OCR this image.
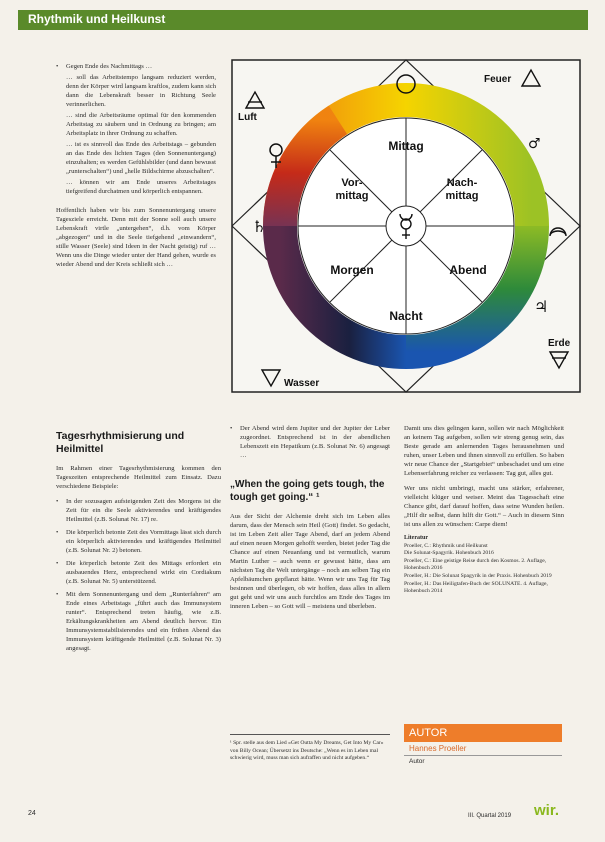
Rhythmik und Heilkunst
• Gegen Ende des Nachmittags …
… soll das Arbeitstempo langsam reduziert werden, denn der Körper wird langsam kraftlos, zudem kann sich dann die Lebenskraft besser in Richtung Seele verinnerlichen.
… sind die Arbeitsräume optimal für den kommenden Arbeitstag zu säubern und in Ordnung zu bringen; am Arbeitsplatz in ihrer Ordnung zu schaffen.
… ist es sinnvoll das Ende des Arbeitstags – gebunden an das Ende des lichten Tages (den Sonnenuntergang) einzuhalten; es werden Gefühlsbilder (und dann bewusst „runterschalten“) und „helle Bildschirme abzuschalten“.
… können wir am Ende unseres Arbeitstages tiefgreifend durchatmen und körperlich entspannen.

Hoffentlich haben wir bis zum Sonnenuntergang unsere Tagesziele erreicht. Denn mit der Sonne soll auch unsere Lebenskraft virtle „untergehen“, d.h. vom Körper „abgezogen“ und in die Seele tiefgehend „einwandern“, stille Wasser (Seele) sind Ideen in der Nacht geistig) ruf … Wenn uns die Dinge wieder unter der Hand gehen, wurde es wieder Abend und der Kreis schließt sich …

Tagesrhythmisierung und Heilmittel

Im Rahmen einer Tagesrhythmisierung kommen den Tageszeiten entsprechende Heilmittel zum Einsatz. Dazu verschiedene Beispiele:

• In der sozusagen aufsteigenden Zeit des Morgens ist die Zeit für ein die Seele aktivierendes und kräftigendes Heilmittel (z.B. Solunat Nr. 17) re.
• Die körperlich betonte Zeit des Vormittags lässt sich durch ein körperlich aktivierendes und kräftigendes Heilmittel (z.B. Solunat Nr. 2) betonen.
• Die körperlich betonte Zeit des Mittags erfordert ein ausbauendes Herz, entsprechend wirkt ein Cordiakum (z.B. Solunat Nr. 5) unterstützend.
• Mit dem Sonnenuntergang und dem „Runterfahren“ am Ende eines Arbeitstags „führt auch das Immunsystem runter“. Entsprechend treten häufig, wie z.B. Erkältungskrankheiten am Abend deutlich hervor. Ein Immunsystemstabilisierendes und ein frühen Abend das Immunsystem kräftigende Heilmittel (z.B. Solunat Nr. 3) angesagt.
♄
♃
♂
Luft
Feuer
Erde
Wasser
Mittag
Vor-mittag
Nach-mittag
Morgen	Abend
Nacht
• Der Abend wird dem Jupiter und der Jupiter der Leber zugeordnet. Entsprechend ist in der abendlichen Lebenszeit ein Hepatikum (z.B. Solunat Nr. 6) angesagt …
„When the going gets tough, the tough get going.“ ¹

Aus der Sicht der Alchemie dreht sich im Leben alles darum, dass der Mensch sein Heil (Gott) findet. So gedacht, ist im Leben Zeit aller Tage Abend, darf an jedem Abend auf einen neuen Morgen gehofft werden, bietet jeder Tag die Chance auf einen Neuanfang und ist vermutlich, warum Martin Luther – auch wenn er gewusst hätte, dass am nächsten Tag die Welt untergänge – noch am selben Tag ein Apfelbäumchen gepflanzt hätte. Wenn wir uns Tag für Tag besinnen und überlegen, ob wir hoffen, dass alles in allem gut geht und wir uns auch furchtlos am Ende des Tages im inneren Leben – so Gott will – meistens und überleben.

¹ Spr. stelle aus dem Lied »Get Outta My Dreams, Get Into My Car« von Billy Ocean; Übersetzt ins Deutsche: „Wenn es im Leben mal schwierig wird, muss man sich aufraffen und nicht aufgeben.“

Damit uns dies gelingen kann, sollen wir nach Möglichkeit an keinem Tag aufgeben, sollen wir streng genug sein, das Beste gerade am anlernenden Tages herausnehmen und ruhen, unser Leben und ihnen sinnvoll zu erfüllen. So haben wir neue Chance der „Startgebiet“ unbeschadet und um eine Lebenserfahrung reicher zu verlassen: Tag gut, alles gut.

Wer uns nicht umbringt, macht uns stärker, erfahrener, vielleicht klüger und weiser. Meint das Tagesschaft eine Chance gibt, darf darauf hoffen, dass seine Wunden heilen. „Hilf dir selbst, dann hilft dir Gott.“ – Auch in diesem Sinn ist uns allen zu wünschen: Carpe diem!

Literatur
Proeller, C.: Rhythmik und Heilkunst
Die Solunat-Spagyrik. Hohenbuch 2016
Proeller, C.: Eine geistige Reise durch den Kosmos. 2. Auflage, Hohenbuch 2016
Proeller, H.: Die Solunat Spagyrik in der Praxis. Hohenbuch 2019
Proeller, H.: Das Heiligtafen-Buch der SOLUNATE. 4. Auflage, Hohenbuch 2014
AUTOR
Hannes Proeller
Autor
24	III. Quartal 2019 wir.
